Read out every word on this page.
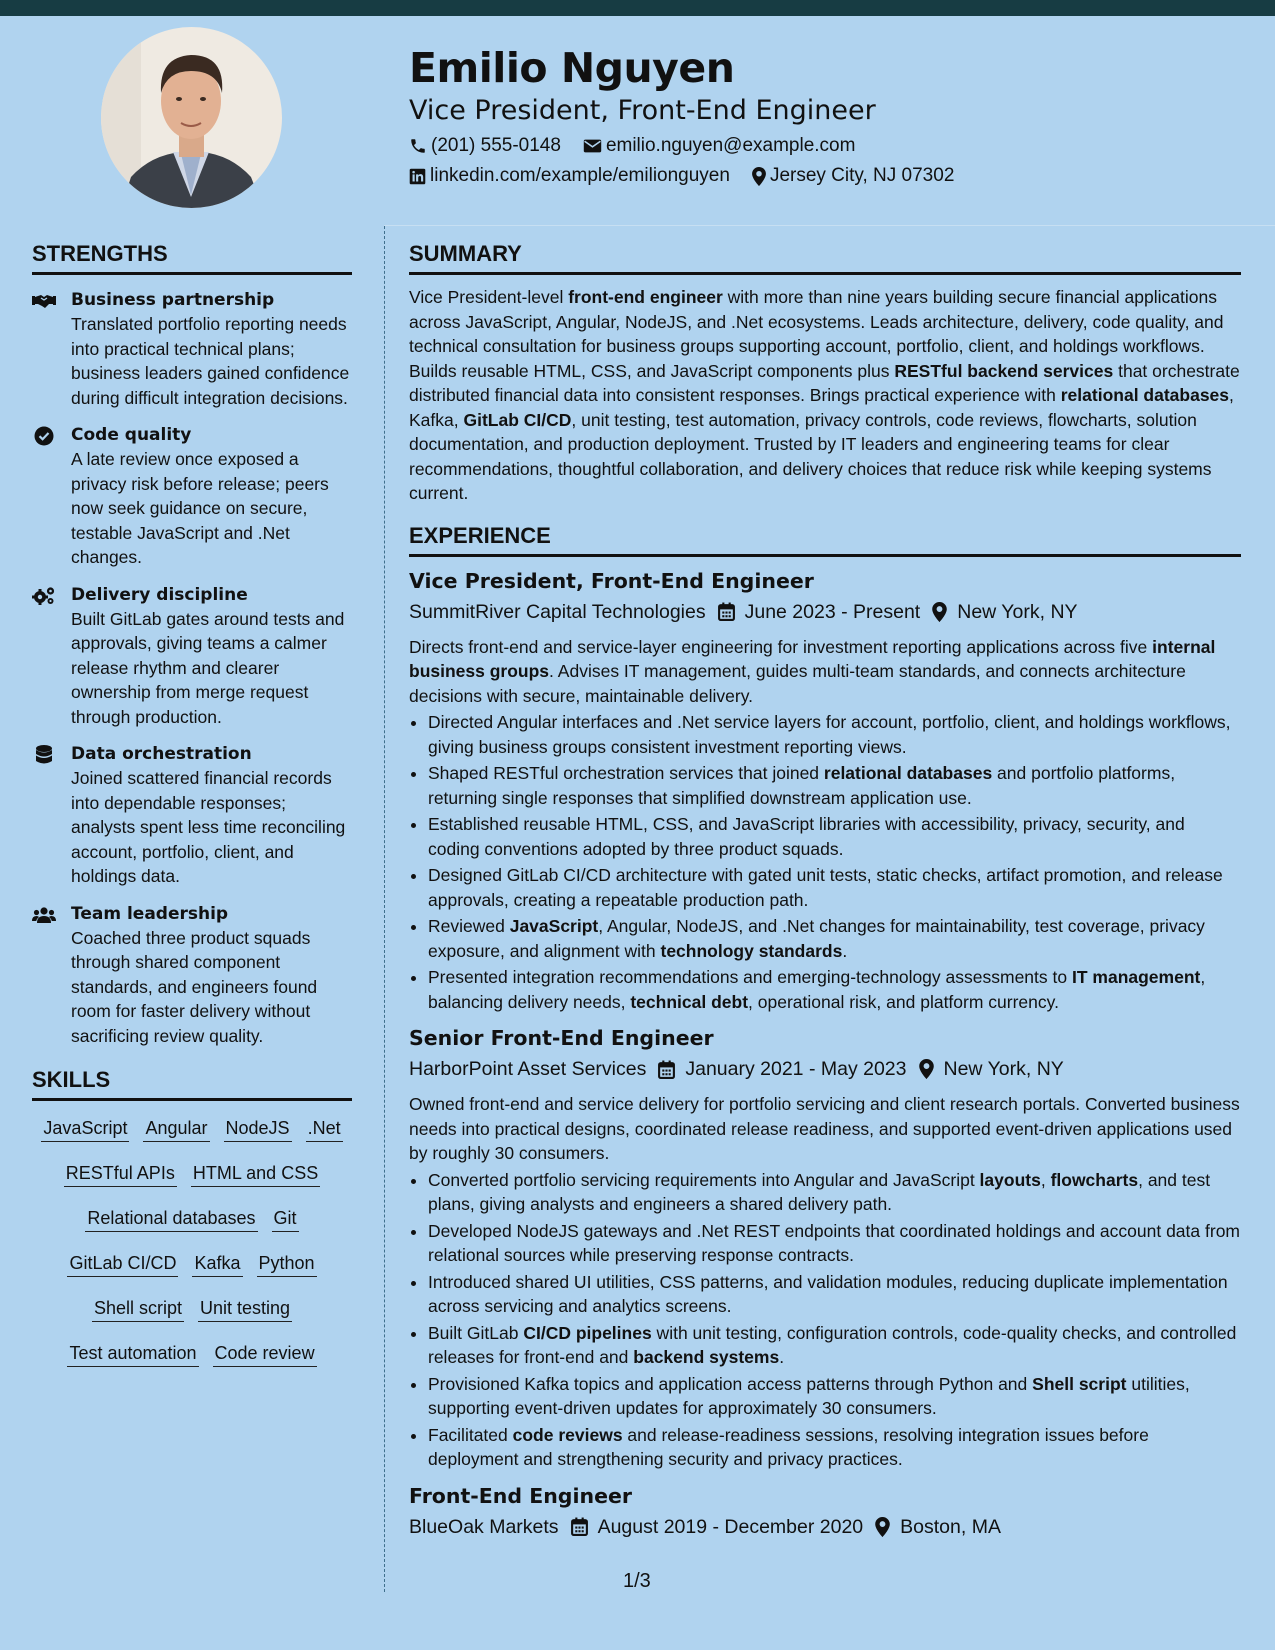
Emilio Nguyen
Vice President, Front-End Engineer
(201) 555-0148 emilio.nguyen@example.com
linkedin.com/example/emilionguyen Jersey City, NJ 07302
STRENGTHS
Business partnership
Translated portfolio reporting needs into practical technical plans; business leaders gained confidence during difficult integration decisions.
Code quality
A late review once exposed a privacy risk before release; peers now seek guidance on secure, testable JavaScript and .Net changes.
Delivery discipline
Built GitLab gates around tests and approvals, giving teams a calmer release rhythm and clearer ownership from merge request through production.
Data orchestration
Joined scattered financial records into dependable responses; analysts spent less time reconciling account, portfolio, client, and holdings data.
Team leadership
Coached three product squads through shared component standards, and engineers found room for faster delivery without sacrificing review quality.
SKILLS
JavaScript Angular NodeJS .Net
RESTful APIs HTML and CSS
Relational databases Git
GitLab CI/CD Kafka Python
Shell script Unit testing
Test automation Code review
SUMMARY
Vice President-level front-end engineer with more than nine years building secure financial applications across JavaScript, Angular, NodeJS, and .Net ecosystems. Leads architecture, delivery, code quality, and technical consultation for business groups supporting account, portfolio, client, and holdings workflows. Builds reusable HTML, CSS, and JavaScript components plus RESTful backend services that orchestrate distributed financial data into consistent responses. Brings practical experience with relational databases, Kafka, GitLab CI/CD, unit testing, test automation, privacy controls, code reviews, flowcharts, solution documentation, and production deployment. Trusted by IT leaders and engineering teams for clear recommendations, thoughtful collaboration, and delivery choices that reduce risk while keeping systems current.
EXPERIENCE
Vice President, Front-End Engineer
SummitRiver Capital Technologies June 2023 - Present New York, NY
Directs front-end and service-layer engineering for investment reporting applications across five internal business groups. Advises IT management, guides multi-team standards, and connects architecture decisions with secure, maintainable delivery.
• Directed Angular interfaces and .Net service layers for account, portfolio, client, and holdings workflows, giving business groups consistent investment reporting views.
• Shaped RESTful orchestration services that joined relational databases and portfolio platforms, returning single responses that simplified downstream application use.
• Established reusable HTML, CSS, and JavaScript libraries with accessibility, privacy, security, and coding conventions adopted by three product squads.
• Designed GitLab CI/CD architecture with gated unit tests, static checks, artifact promotion, and release approvals, creating a repeatable production path.
• Reviewed JavaScript, Angular, NodeJS, and .Net changes for maintainability, test coverage, privacy exposure, and alignment with technology standards.
• Presented integration recommendations and emerging-technology assessments to IT management, balancing delivery needs, technical debt, operational risk, and platform currency.
Senior Front-End Engineer
HarborPoint Asset Services January 2021 - May 2023 New York, NY
Owned front-end and service delivery for portfolio servicing and client research portals. Converted business needs into practical designs, coordinated release readiness, and supported event-driven applications used by roughly 30 consumers.
• Converted portfolio servicing requirements into Angular and JavaScript layouts, flowcharts, and test plans, giving analysts and engineers a shared delivery path.
• Developed NodeJS gateways and .Net REST endpoints that coordinated holdings and account data from relational sources while preserving response contracts.
• Introduced shared UI utilities, CSS patterns, and validation modules, reducing duplicate implementation across servicing and analytics screens.
• Built GitLab CI/CD pipelines with unit testing, configuration controls, code-quality checks, and controlled releases for front-end and backend systems.
• Provisioned Kafka topics and application access patterns through Python and Shell script utilities, supporting event-driven updates for approximately 30 consumers.
• Facilitated code reviews and release-readiness sessions, resolving integration issues before deployment and strengthening security and privacy practices.
Front-End Engineer
BlueOak Markets August 2019 - December 2020 Boston, MA
1/3
